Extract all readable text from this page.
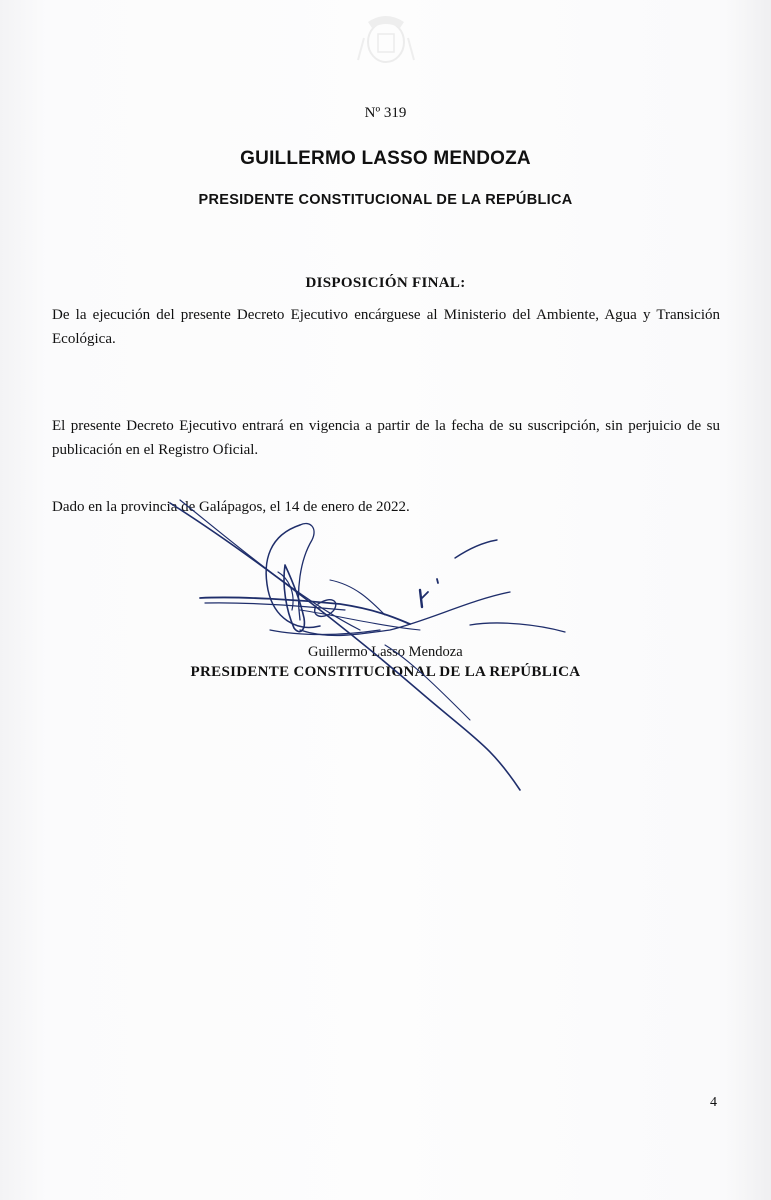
Nº 319
GUILLERMO LASSO MENDOZA
PRESIDENTE CONSTITUCIONAL DE LA REPÚBLICA
DISPOSICIÓN FINAL:
De la ejecución del presente Decreto Ejecutivo encárguese al Ministerio del Ambiente, Agua y Transición Ecológica.
El presente Decreto Ejecutivo entrará en vigencia a partir de la fecha de su suscripción, sin perjuicio de su publicación en el Registro Oficial.
Dado en la provincia de Galápagos, el 14 de enero de 2022.
Guillermo Lasso Mendoza
PRESIDENTE CONSTITUCIONAL DE LA REPÚBLICA
4
